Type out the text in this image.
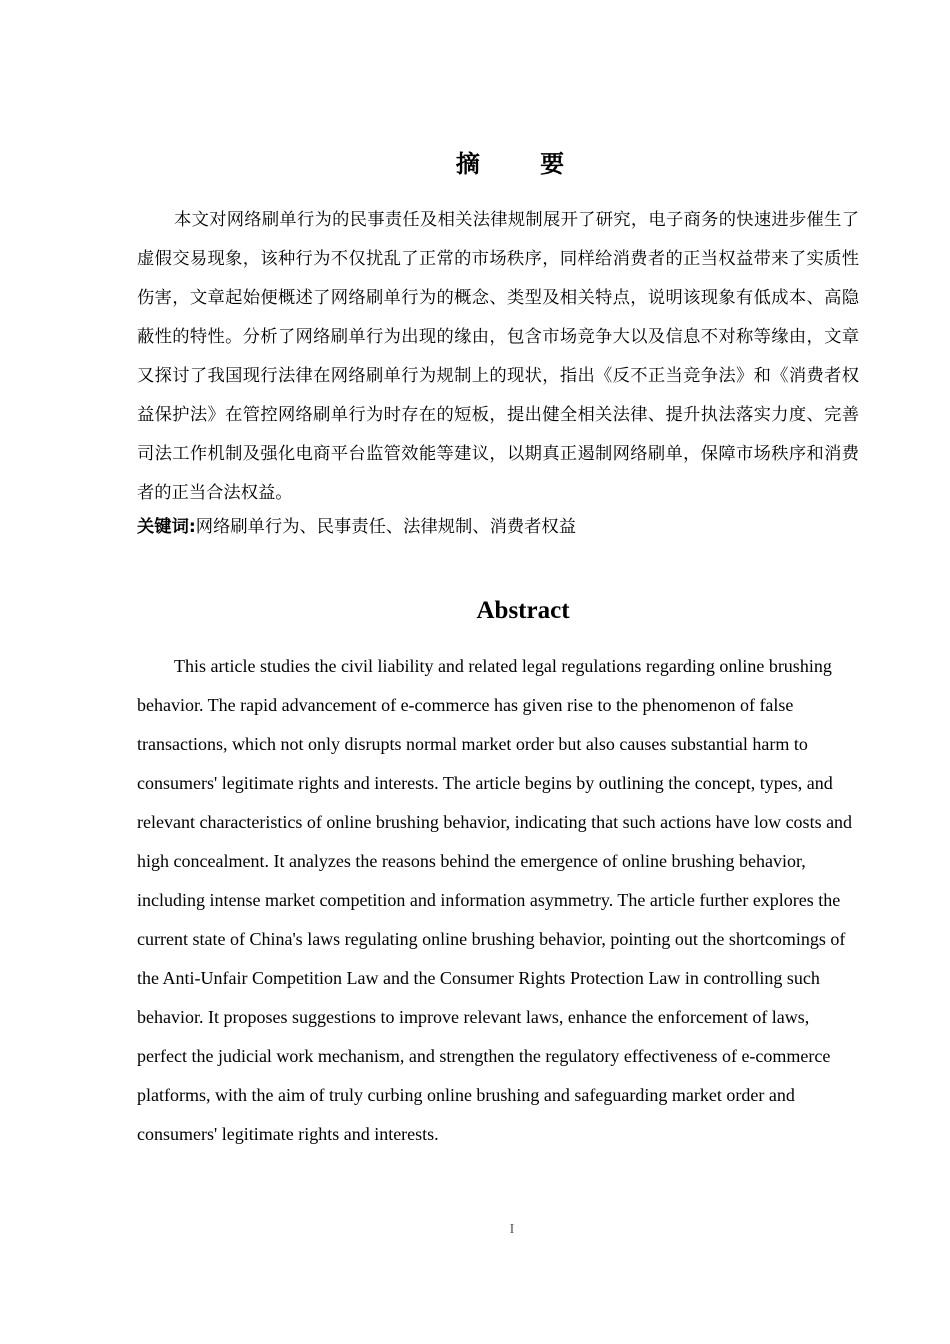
摘 要

本文对网络刷单行为的民事责任及相关法律规制展开了研究，电子商务的快速进步催生了虚假交易现象，该种行为不仅扰乱了正常的市场秩序，同样给消费者的正当权益带来了实质性伤害，文章起始便概述了网络刷单行为的概念、类型及相关特点，说明该现象有低成本、高隐蔽性的特性。分析了网络刷单行为出现的缘由，包含市场竞争大以及信息不对称等缘由，文章又探讨了我国现行法律在网络刷单行为规制上的现状，指出《反不正当竞争法》和《消费者权益保护法》在管控网络刷单行为时存在的短板，提出健全相关法律、提升执法落实力度、完善司法工作机制及强化电商平台监管效能等建议，以期真正遏制网络刷单，保障市场秩序和消费者的正当合法权益。

关键词:网络刷单行为、民事责任、法律规制、消费者权益

Abstract

This article studies the civil liability and related legal regulations regarding online brushing behavior. The rapid advancement of e-commerce has given rise to the phenomenon of false transactions, which not only disrupts normal market order but also causes substantial harm to consumers' legitimate rights and interests. The article begins by outlining the concept, types, and relevant characteristics of online brushing behavior, indicating that such actions have low costs and high concealment. It analyzes the reasons behind the emergence of online brushing behavior, including intense market competition and information asymmetry. The article further explores the current state of China's laws regulating online brushing behavior, pointing out the shortcomings of the Anti-Unfair Competition Law and the Consumer Rights Protection Law in controlling such behavior. It proposes suggestions to improve relevant laws, enhance the enforcement of laws, perfect the judicial work mechanism, and strengthen the regulatory effectiveness of e-commerce platforms, with the aim of truly curbing online brushing and safeguarding market order and consumers' legitimate rights and interests.

I
